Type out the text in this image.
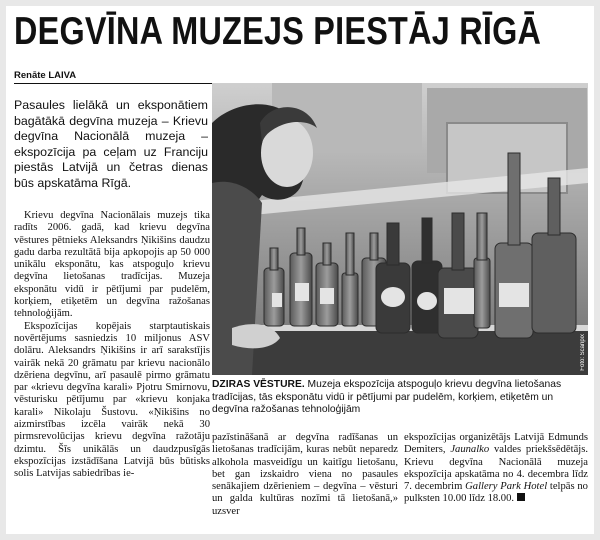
DEGVĪNA MUZEJS PIESTĀJ RĪGĀ
Renāte LAIVA
Pasaules lielākā un eksponātiem bagātākā degvīna muzeja – Krievu degvīna Nacionālā muzeja – ekspozīcija pa ceļam uz Franciju piestās Latvijā un četras dienas būs apskatāma Rīgā.

Krievu degvīna Nacionālais muzejs tika radīts 2006. gadā, kad krievu degvīna vēstures pētnieks Aleksandrs Ņikišins daudzu gadu darba rezultātā bija apkopojis ap 50 000 unikālu eksponātu, kas atspoguļo krievu degvīna lietošanas tradīcijas. Muzeja eksponātu vidū ir pētījumi par pudelēm, korķiem, etiķetēm un degvīna ražošanas tehnoloģijām.

Ekspozīcijas kopējais starptautiskais novērtējums sasniedzis 10 miljonus ASV dolāru. Aleksandrs Ņikišins ir arī sarakstījis vairāk nekā 20 grāmatu par krievu nacionālo dzēriena degvīnu, arī pasaulē pirmo grāmatu par «krievu degvīna karali» Pjotru Smirnovu, vēsturisku pētījumu par «krievu konjaka karali» Nikolaju Šustovu. «Ņikišins no aizmirstības izcēla vairāk nekā 30 pirmsrevolūcijas krievu degvīna ražotāju dzimtu. Šīs unikālās un daudzpusīgās ekspozīcijas izstādīšana Latvijā būs būtisks solis Latvijas sabiedrības ie-

Foto: Scanpix
DZIRAS VĒSTURE. Muzeja ekspozīcija atspoguļo krievu degvīna lietošanas tradīcijas, tās eksponātu vidū ir pētījumi par pudelēm, korķiem, etiķetēm un degvīna ražošanas tehnoloģijām

pazīstināšanā ar degvīna radīšanas un lietošanas tradīcijām, kuras nebūt neparedz alkohola masveidīgu un kaitīgu lietošanu, bet gan izskaidro viena no pasaules senākajiem dzērieniem – degvīna – vēsturi un galda kultūras nozīmi tā lietošanā,» uzsver

ekspozīcijas organizētājs Latvijā Edmunds Demiters, Jaunalko valdes priekšsēdētājs. Krievu degvīna Nacionālā muzeja ekspozīcija apskatāma no 4. decembra līdz 7. decembrim Gallery Park Hotel telpās no pulksten 10.00 līdz 18.00.
